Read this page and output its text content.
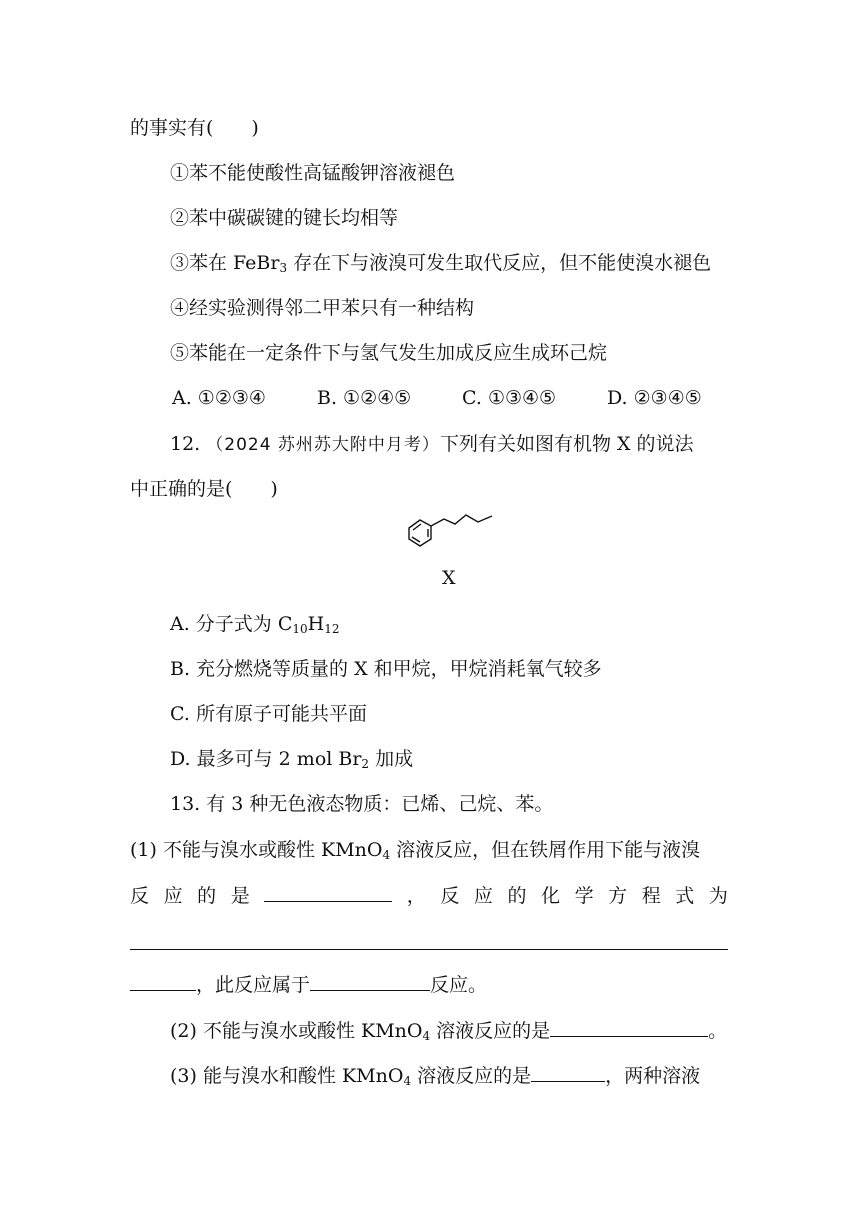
的事实有(　　)
①苯不能使酸性高锰酸钾溶液褪色
②苯中碳碳键的键长均相等
③苯在 FeBr$_3$ 存在下与液溴可发生取代反应，但不能使溴水褪色
④经实验测得邻二甲苯只有一种结构
⑤苯能在一定条件下与氢气发生加成反应生成环己烷
A. ①②③④	B. ①②④⑤	C. ①③④⑤	D. ②③④⑤
12. （2024 苏州苏大附中月考）下列有关如图有机物 X 的说法
中正确的是(　　)
X
A. 分子式为 $C_{10}H_{12}$
B. 充分燃烧等质量的 X 和甲烷，甲烷消耗氧气较多
C. 所有原子可能共平面
D. 最多可与 2 mol $Br_2$ 加成
13. 有 3 种无色液态物质：已烯、己烷、苯。
(1) 不能与溴水或酸性 KMnO$_4$ 溶液反应，但在铁屑作用下能与液溴
反 应 的 是	， 反 应 的 化 学 方 程 式 为
，此反应属于	反应。
(2) 不能与溴水或酸性 KMnO$_4$ 溶液反应的是	。
(3) 能与溴水和酸性 KMnO$_4$ 溶液反应的是	，两种溶液
